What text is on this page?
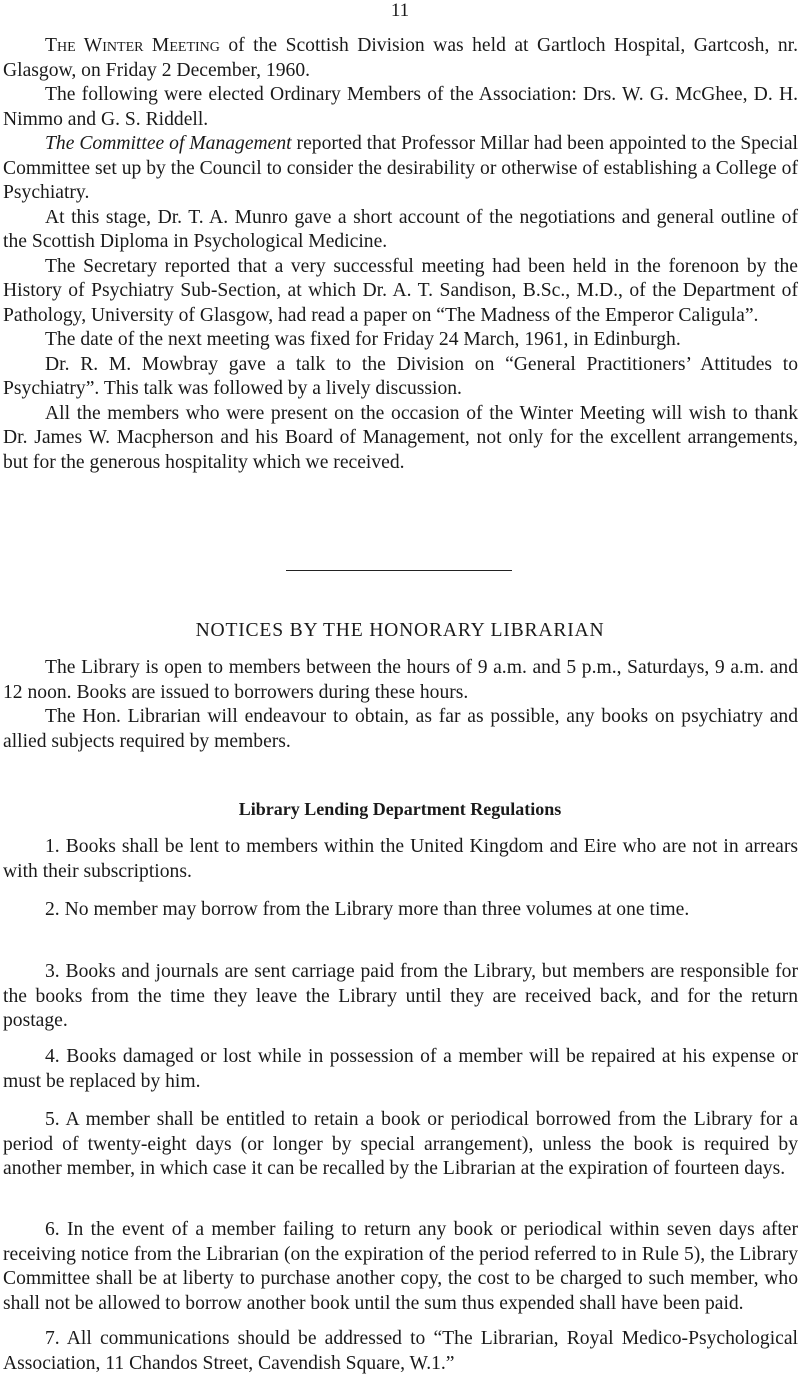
11

The Winter Meeting of the Scottish Division was held at Gartloch Hospital, Gartcosh, nr. Glasgow, on Friday 2 December, 1960.

The following were elected Ordinary Members of the Association: Drs. W. G. McGhee, D. H. Nimmo and G. S. Riddell.

The Committee of Management reported that Professor Millar had been appointed to the Special Committee set up by the Council to consider the desirability or otherwise of establishing a College of Psychiatry.

At this stage, Dr. T. A. Munro gave a short account of the negotiations and general outline of the Scottish Diploma in Psychological Medicine.

The Secretary reported that a very successful meeting had been held in the forenoon by the History of Psychiatry Sub-Section, at which Dr. A. T. Sandison, B.Sc., M.D., of the Department of Pathology, University of Glasgow, had read a paper on “The Madness of the Emperor Caligula”.

The date of the next meeting was fixed for Friday 24 March, 1961, in Edinburgh.

Dr. R. M. Mowbray gave a talk to the Division on “General Practitioners’ Attitudes to Psychiatry”. This talk was followed by a lively discussion.

All the members who were present on the occasion of the Winter Meeting will wish to thank Dr. James W. Macpherson and his Board of Management, not only for the excellent arrangements, but for the generous hospitality which we received.

NOTICES BY THE HONORARY LIBRARIAN

The Library is open to members between the hours of 9 a.m. and 5 p.m., Saturdays, 9 a.m. and 12 noon. Books are issued to borrowers during these hours.

The Hon. Librarian will endeavour to obtain, as far as possible, any books on psychiatry and allied subjects required by members.

Library Lending Department Regulations

1. Books shall be lent to members within the United Kingdom and Eire who are not in arrears with their subscriptions.

2. No member may borrow from the Library more than three volumes at one time.

3. Books and journals are sent carriage paid from the Library, but members are responsible for the books from the time they leave the Library until they are received back, and for the return postage.

4. Books damaged or lost while in possession of a member will be repaired at his expense or must be replaced by him.

5. A member shall be entitled to retain a book or periodical borrowed from the Library for a period of twenty-eight days (or longer by special arrangement), unless the book is required by another member, in which case it can be recalled by the Librarian at the expiration of fourteen days.

6. In the event of a member failing to return any book or periodical within seven days after receiving notice from the Librarian (on the expiration of the period referred to in Rule 5), the Library Committee shall be at liberty to purchase another copy, the cost to be charged to such member, who shall not be allowed to borrow another book until the sum thus expended shall have been paid.

7. All communications should be addressed to “The Librarian, Royal Medico-Psychological Association, 11 Chandos Street, Cavendish Square, W.1.”
